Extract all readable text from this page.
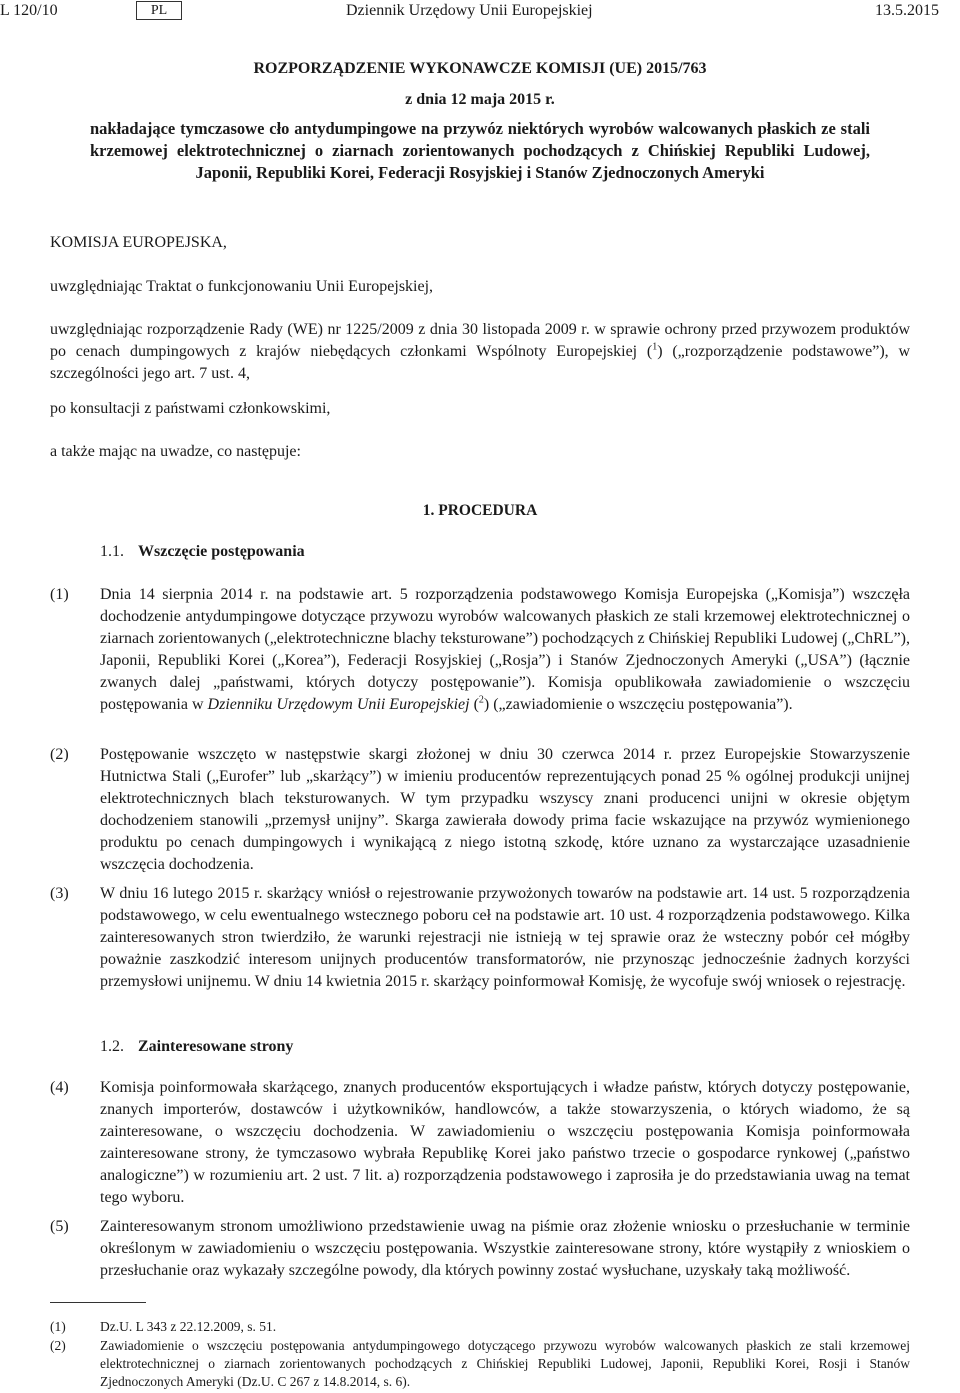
L 120/10	PL	Dziennik Urzędowy Unii Europejskiej	13.5.2015
ROZPORZĄDZENIE WYKONAWCZE KOMISJI (UE) 2015/763
z dnia 12 maja 2015 r.
nakładające tymczasowe cło antydumpingowe na przywóz niektórych wyrobów walcowanych płaskich ze stali krzemowej elektrotechnicznej o ziarnach zorientowanych pochodzących z Chińskiej Republiki Ludowej, Japonii, Republiki Korei, Federacji Rosyjskiej i Stanów Zjednoczonych Ameryki
KOMISJA EUROPEJSKA,
uwzględniając Traktat o funkcjonowaniu Unii Europejskiej,
uwzględniając rozporządzenie Rady (WE) nr 1225/2009 z dnia 30 listopada 2009 r. w sprawie ochrony przed przywozem produktów po cenach dumpingowych z krajów niebędących członkami Wspólnoty Europejskiej ($^1$) („rozporządzenie podstawowe”), w szczególności jego art. 7 ust. 4,
po konsultacji z państwami członkowskimi,
a także mając na uwadze, co następuje:
1. PROCEDURA
1.1. Wszczęcie postępowania
(1)	Dnia 14 sierpnia 2014 r. na podstawie art. 5 rozporządzenia podstawowego Komisja Europejska („Komisja”) wszczęła dochodzenie antydumpingowe dotyczące przywozu wyrobów walcowanych płaskich ze stali krzemowej elektrotechnicznej o ziarnach zorientowanych („elektrotechniczne blachy teksturowane”) pochodzących z Chińskiej Republiki Ludowej („ChRL”), Japonii, Republiki Korei („Korea”), Federacji Rosyjskiej („Rosja”) i Stanów Zjednoczonych Ameryki („USA”) (łącznie zwanych dalej „państwami, których dotyczy postępowanie”). Komisja opublikowała zawiadomienie o wszczęciu postępowania w Dzienniku Urzędowym Unii Europejskiej ($^2$) („zawiadomienie o wszczęciu postępowania”).
(2)	Postępowanie wszczęto w następstwie skargi złożonej w dniu 30 czerwca 2014 r. przez Europejskie Stowarzyszenie Hutnictwa Stali („Eurofer” lub „skarżący”) w imieniu producentów reprezentujących ponad 25 % ogólnej produkcji unijnej elektrotechnicznych blach teksturowanych. W tym przypadku wszyscy znani producenci unijni w okresie objętym dochodzeniem stanowili „przemysł unijny”. Skarga zawierała dowody prima facie wskazujące na przywóz wymienionego produktu po cenach dumpingowych i wynikającą z niego istotną szkodę, które uznano za wystarczające uzasadnienie wszczęcia dochodzenia.
(3)	W dniu 16 lutego 2015 r. skarżący wniósł o rejestrowanie przywożonych towarów na podstawie art. 14 ust. 5 rozporządzenia podstawowego, w celu ewentualnego wstecznego poboru ceł na podstawie art. 10 ust. 4 rozporządzenia podstawowego. Kilka zainteresowanych stron twierdziło, że warunki rejestracji nie istnieją w tej sprawie oraz że wsteczny pobór ceł mógłby poważnie zaszkodzić interesom unijnych producentów transformatorów, nie przynosząc jednocześnie żadnych korzyści przemysłowi unijnemu. W dniu 14 kwietnia 2015 r. skarżący poinformował Komisję, że wycofuje swój wniosek o rejestrację.
1.2. Zainteresowane strony
(4)	Komisja poinformowała skarżącego, znanych producentów eksportujących i władze państw, których dotyczy postępowanie, znanych importerów, dostawców i użytkowników, handlowców, a także stowarzyszenia, o których wiadomo, że są zainteresowane, o wszczęciu dochodzenia. W zawiadomieniu o wszczęciu postępowania Komisja poinformowała zainteresowane strony, że tymczasowo wybrała Republikę Korei jako państwo trzecie o gospodarce rynkowej („państwo analogiczne”) w rozumieniu art. 2 ust. 7 lit. a) rozporządzenia podstawowego i zaprosiła je do przedstawiania uwag na temat tego wyboru.
(5)	Zainteresowanym stronom umożliwiono przedstawienie uwag na piśmie oraz złożenie wniosku o przesłuchanie w terminie określonym w zawiadomieniu o wszczęciu postępowania. Wszystkie zainteresowane strony, które wystąpiły z wnioskiem o przesłuchanie oraz wykazały szczególne powody, dla których powinny zostać wysłuchane, uzyskały taką możliwość.
(1)	Dz.U. L 343 z 22.12.2009, s. 51.
(2)	Zawiadomienie o wszczęciu postępowania antydumpingowego dotyczącego przywozu wyrobów walcowanych płaskich ze stali krzemowej elektrotechnicznej o ziarnach zorientowanych pochodzących z Chińskiej Republiki Ludowej, Japonii, Republiki Korei, Rosji i Stanów Zjednoczonych Ameryki (Dz.U. C 267 z 14.8.2014, s. 6).
